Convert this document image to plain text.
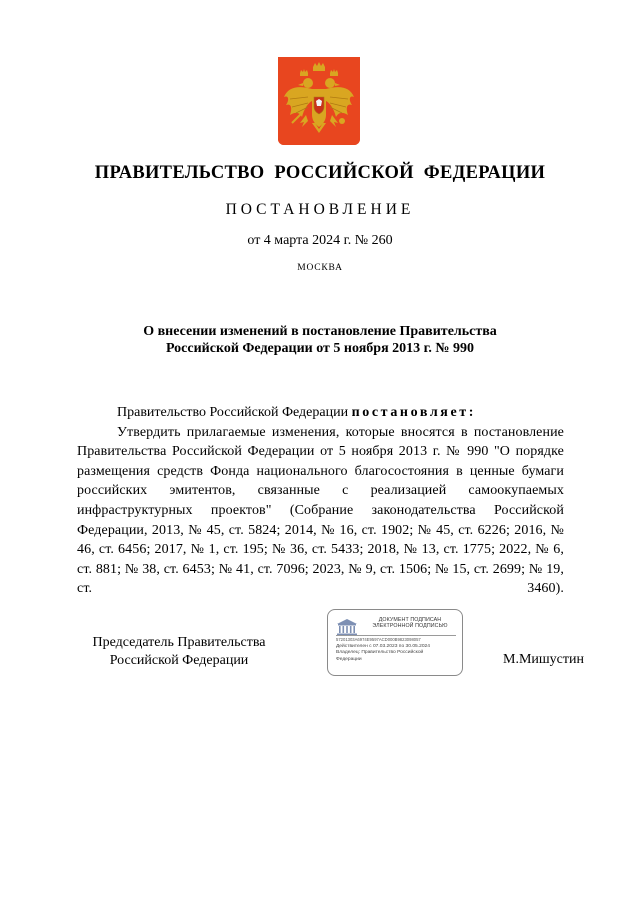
ПРАВИТЕЛЬСТВО РОССИЙСКОЙ ФЕДЕРАЦИИ
ПОСТАНОВЛЕНИЕ
от 4 марта 2024 г. № 260
МОСКВА
О внесении изменений в постановление Правительства
Российской Федерации от 5 ноября 2013 г. № 990

Правительство Российской Федерации постановляет:

Утвердить прилагаемые изменения, которые вносятся в постановление Правительства Российской Федерации от 5 ноября 2013 г. № 990 "О порядке размещения средств Фонда национального благосостояния в ценные бумаги российских эмитентов, связанные с реализацией самоокупаемых инфраструктурных проектов" (Собрание законодательства Российской Федерации, 2013, № 45, ст. 5824; 2014, № 16, ст. 1902; № 45, ст. 6226; 2016, № 46, ст. 6456; 2017, № 1, ст. 195; № 36, ст. 5433; 2018, № 13, ст. 1775; 2022, № 6, ст. 881; № 38, ст. 6453; № 41, ст. 7096; 2023, № 9, ст. 1506; № 15, ст. 2699; № 19, ст. 3460).

Председатель Правительства
Российской Федерации
ДОКУМЕНТ ПОДПИСАН
ЭЛЕКТРОННОЙ ПОДПИСЬЮ
57201303A6974E9597ACD000B9823098057
Действителен с 07.03.2023 по 30.05.2024
Владелец: Правительство Российской
Федерации	М.Мишустин
